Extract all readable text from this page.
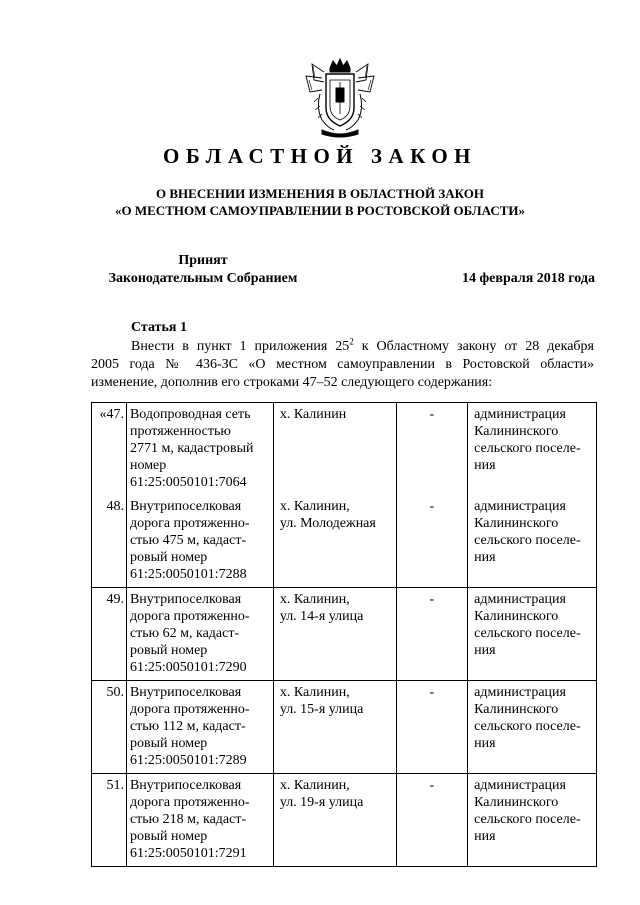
ОБЛАСТНОЙ ЗАКОН
О ВНЕСЕНИИ ИЗМЕНЕНИЯ В ОБЛАСТНОЙ ЗАКОН
«О МЕСТНОМ САМОУПРАВЛЕНИИ В РОСТОВСКОЙ ОБЛАСТИ»
Принят
Законодательным Собранием	14 февраля 2018 года
Статья 1
Внести в пункт 1 приложения $25^2$ к Областному закону от 28 декабря
2005 года № 436-ЗС «О местном самоуправлении в Ростовской области»
изменение, дополнив его строками 47–52 следующего содержания:
«47.	Водопроводная сеть
протяженностью
2771 м, кадастровый
номер
61:25:0050101:7064	х. Калинин	-	администрация
Калининского
сельского поселе-
ния

48.	Внутрипоселковая
дорога протяженно-
стью 475 м, кадаст-
ровый номер
61:25:0050101:7288	х. Калинин,
ул. Молодежная	-	администрация
Калининского
сельского поселе-
ния

49.	Внутрипоселковая
дорога протяженно-
стью 62 м, кадаст-
ровый номер
61:25:0050101:7290	х. Калинин,
ул. 14-я улица	-	администрация
Калининского
сельского поселе-
ния

50.	Внутрипоселковая
дорога протяженно-
стью 112 м, кадаст-
ровый номер
61:25:0050101:7289	х. Калинин,
ул. 15-я улица	-	администрация
Калининского
сельского поселе-
ния

51.	Внутрипоселковая
дорога протяженно-
стью 218 м, кадаст-
ровый номер
61:25:0050101:7291	х. Калинин,
ул. 19-я улица	-	администрация
Калининского
сельского поселе-
ния
